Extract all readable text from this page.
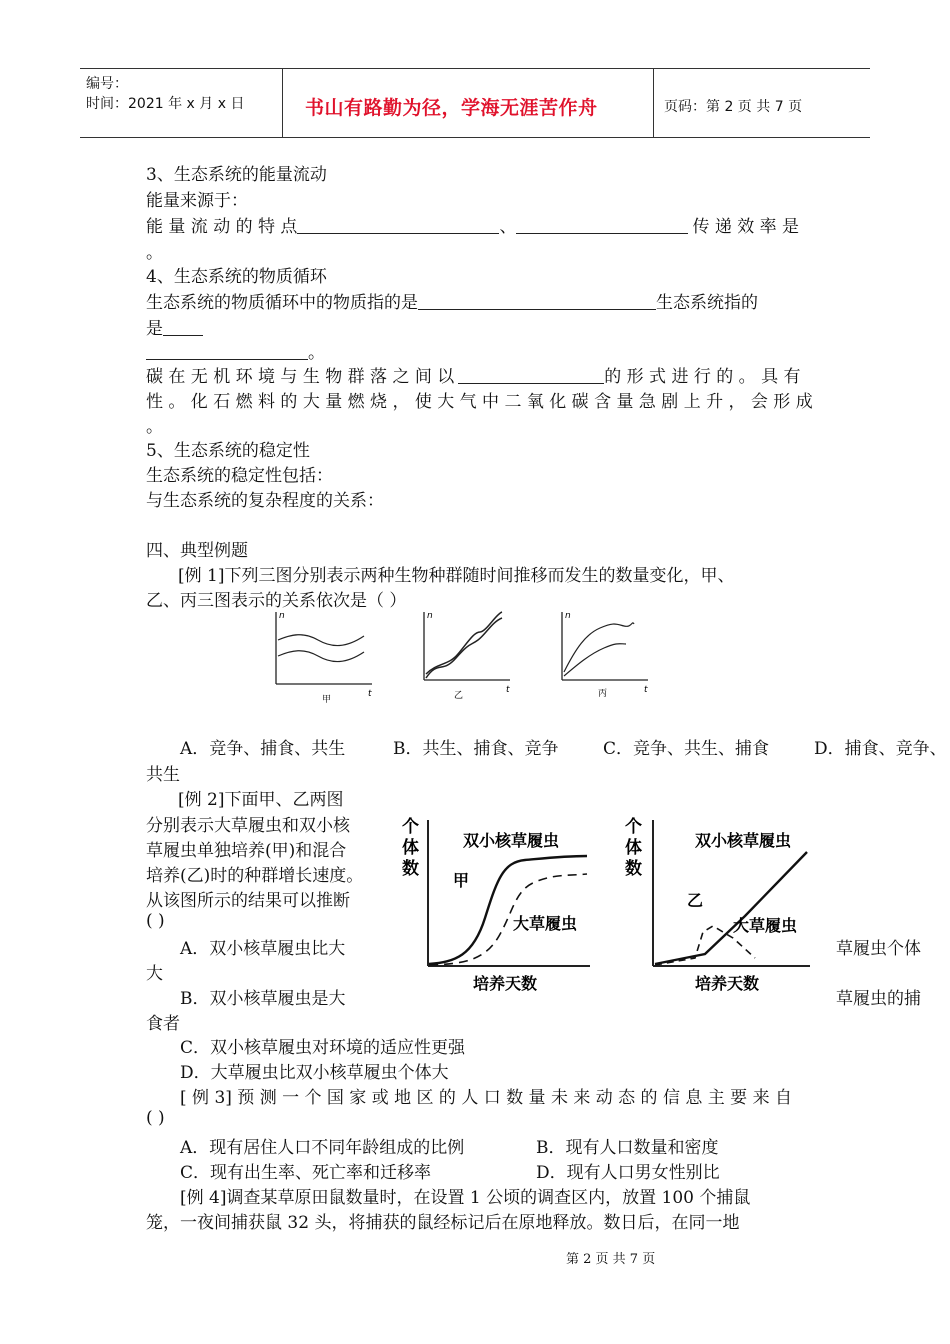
编号：
时间：2021 年 x 月 x 日	书山有路勤为径，学海无涯苦作舟	页码：第 2 页 共 7 页
3、生态系统的能量流动
能量来源于：
能 量 流 动 的 特 点	、	传 递 效 率 是
。
4、生态系统的物质循环
生态系统的物质循环中的物质指的是	生态系统指的
是
。
碳 在 无 机 环 境 与 生 物 群 落 之 间 以	的 形 式 进 行 的 。 具 有
性 。 化 石 燃 料 的 大 量 燃 烧 ， 使 大 气 中 二 氧 化 碳 含 量 急 剧 上 升 ， 会 形 成
。
5、生态系统的稳定性
生态系统的稳定性包括：
与生态系统的复杂程度的关系：
四、典型例题
[例 1]下列三图分别表示两种生物种群随时间推移而发生的数量变化，甲、
乙、丙三图表示的关系依次是（ ）
n
t
甲
n
t
乙
n
t
丙
A．竞争、捕食、共生	B．共生、捕食、竞争	C．竞争、共生、捕食	D．捕食、竞争、
共生
[例 2]下面甲、乙两图
分别表示大草履虫和双小核
草履虫单独培养(甲)和混合
培养(乙)时的种群增长速度。
从该图所示的结果可以推断
( )
个
体
数
双小核草履虫
甲
大草履虫
培养天数
个
体
数
双小核草履虫
乙
大草履虫
培养天数
A．双小核草履虫比大	草履虫个体
大
B．双小核草履虫是大	草履虫的捕
食者
C．双小核草履虫对环境的适应性更强
D．大草履虫比双小核草履虫个体大
[ 例 3] 预 测 一 个 国 家 或 地 区 的 人 口 数 量 未 来 动 态 的 信 息 主 要 来 自
( )
A．现有居住人口不同年龄组成的比例	B．现有人口数量和密度
C．现有出生率、死亡率和迁移率	D．现有人口男女性别比
[例 4]调查某草原田鼠数量时，在设置 1 公顷的调查区内，放置 100 个捕鼠
笼，一夜间捕获鼠 32 头，将捕获的鼠经标记后在原地释放。数日后，在同一地
第 2 页 共 7 页
